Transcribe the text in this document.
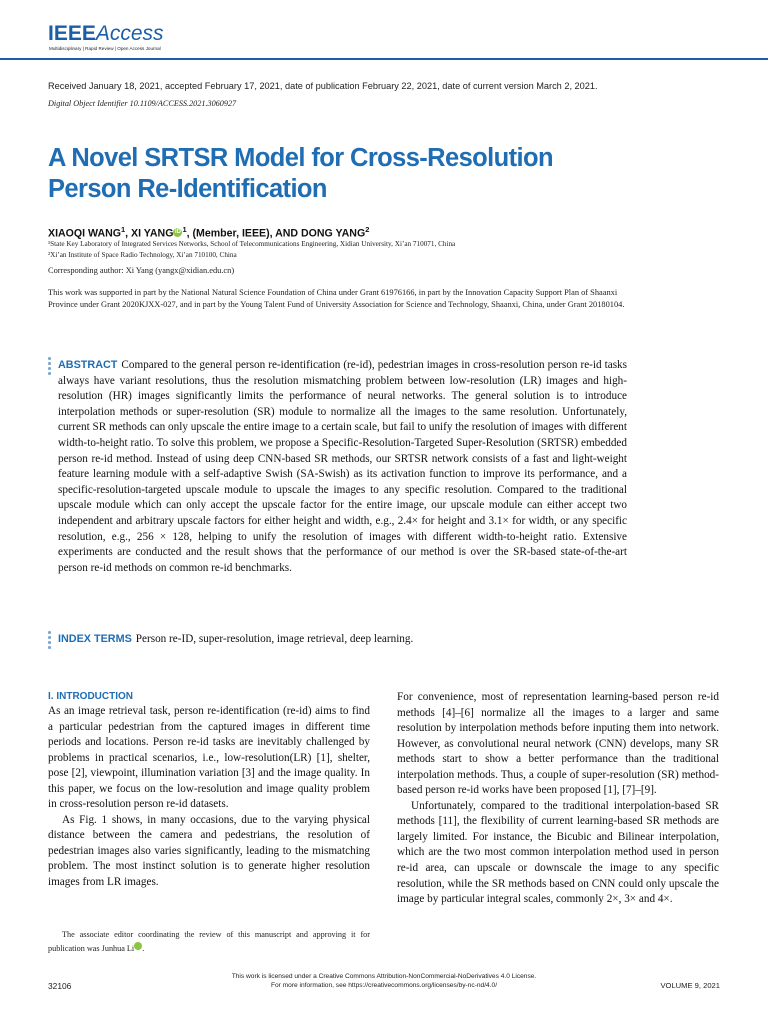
IEEEAccess
Multidisciplinary | Rapid Review | Open Access Journal
Received January 18, 2021, accepted February 17, 2021, date of publication February 22, 2021, date of current version March 2, 2021.
Digital Object Identifier 10.1109/ACCESS.2021.3060927
A Novel SRTSR Model for Cross-Resolution
Person Re-Identification
XIAOQI WANG$^1$, XI YANG iD $^1$, (Member, IEEE), AND DONG YANG$^2$
¹State Key Laboratory of Integrated Services Networks, School of Telecommunications Engineering, Xidian University, Xi’an 710071, China
²Xi’an Institute of Space Radio Technology, Xi’an 710100, China
Corresponding author: Xi Yang (yangx@xidian.edu.cn)
This work was supported in part by the National Natural Science Foundation of China under Grant 61976166, in part by the Innovation Capacity Support Plan of Shaanxi Province under Grant 2020KJXX-027, and in part by the Young Talent Fund of University Association for Science and Technology, Shaanxi, China, under Grant 20180104.
ABSTRACT Compared to the general person re-identification (re-id), pedestrian images in cross-resolution person re-id tasks always have variant resolutions, thus the resolution mismatching problem between low-resolution (LR) images and high-resolution (HR) images significantly limits the performance of neural networks. The general solution is to introduce interpolation methods or super-resolution (SR) module to normalize all the images to the same resolution. Unfortunately, current SR methods can only upscale the entire image to a certain scale, but fail to unify the resolution of images with different width-to-height ratio. To solve this problem, we propose a Specific-Resolution-Targeted Super-Resolution (SRTSR) embedded person re-id method. Instead of using deep CNN-based SR methods, our SRTSR network consists of a fast and light-weight feature learning module with a self-adaptive Swish (SA-Swish) as its activation function to improve its performance, and a specific-resolution-targeted upscale module to upscale the images to any specific resolution. Compared to the traditional upscale module which can only accept the upscale factor for the entire image, our upscale module can either accept two independent and arbitrary upscale factors for either height and width, e.g., 2.4× for height and 3.1× for width, or any specific resolution, e.g., 256 × 128, helping to unify the resolution of images with different width-to-height ratio. Extensive experiments are conducted and the result shows that the performance of our method is over the SR-based state-of-the-art person re-id methods on common re-id benchmarks.
INDEX TERMS Person re-ID, super-resolution, image retrieval, deep learning.
I. INTRODUCTION

As an image retrieval task, person re-identification (re-id) aims to find a particular pedestrian from the captured images in different time periods and locations. Person re-id tasks are inevitably challenged by problems in practical scenarios, i.e., low-resolution(LR) [1], shelter, pose [2], viewpoint, illumination variation [3] and the image quality. In this paper, we focus on the low-resolution and image quality problem in cross-resolution person re-id datasets.

As Fig. 1 shows, in many occasions, due to the varying physical distance between the camera and pedestrians, the resolution of pedestrian images also varies significantly, leading to the mismatching problem. The most instinct solution is to generate higher resolution images from LR images.

The associate editor coordinating the review of this manuscript and approving it for publication was Junhua Li	iD.

For convenience, most of representation learning-based person re-id methods [4]–[6] normalize all the images to a larger and same resolution by interpolation methods before inputing them into network. However, as convolutional neural network (CNN) develops, many SR methods start to show a better performance than the traditional interpolation methods. Thus, a couple of super-resolution (SR) method-based person re-id works have been proposed [1], [7]–[9].

Unfortunately, compared to the traditional interpolation-based SR methods [11], the flexibility of current learning-based SR methods are largely limited. For instance, the Bicubic and Bilinear interpolation, which are the two most common interpolation method used in person re-id area, can upscale or downscale the image to any specific resolution, while the SR methods based on CNN could only upscale the image by particular integral scales, commonly 2×, 3× and 4×.

This work is licensed under a Creative Commons Attribution-NonCommercial-NoDerivatives 4.0 License.
For more information, see https://creativecommons.org/licenses/by-nc-nd/4.0/
32106	VOLUME 9, 2021
